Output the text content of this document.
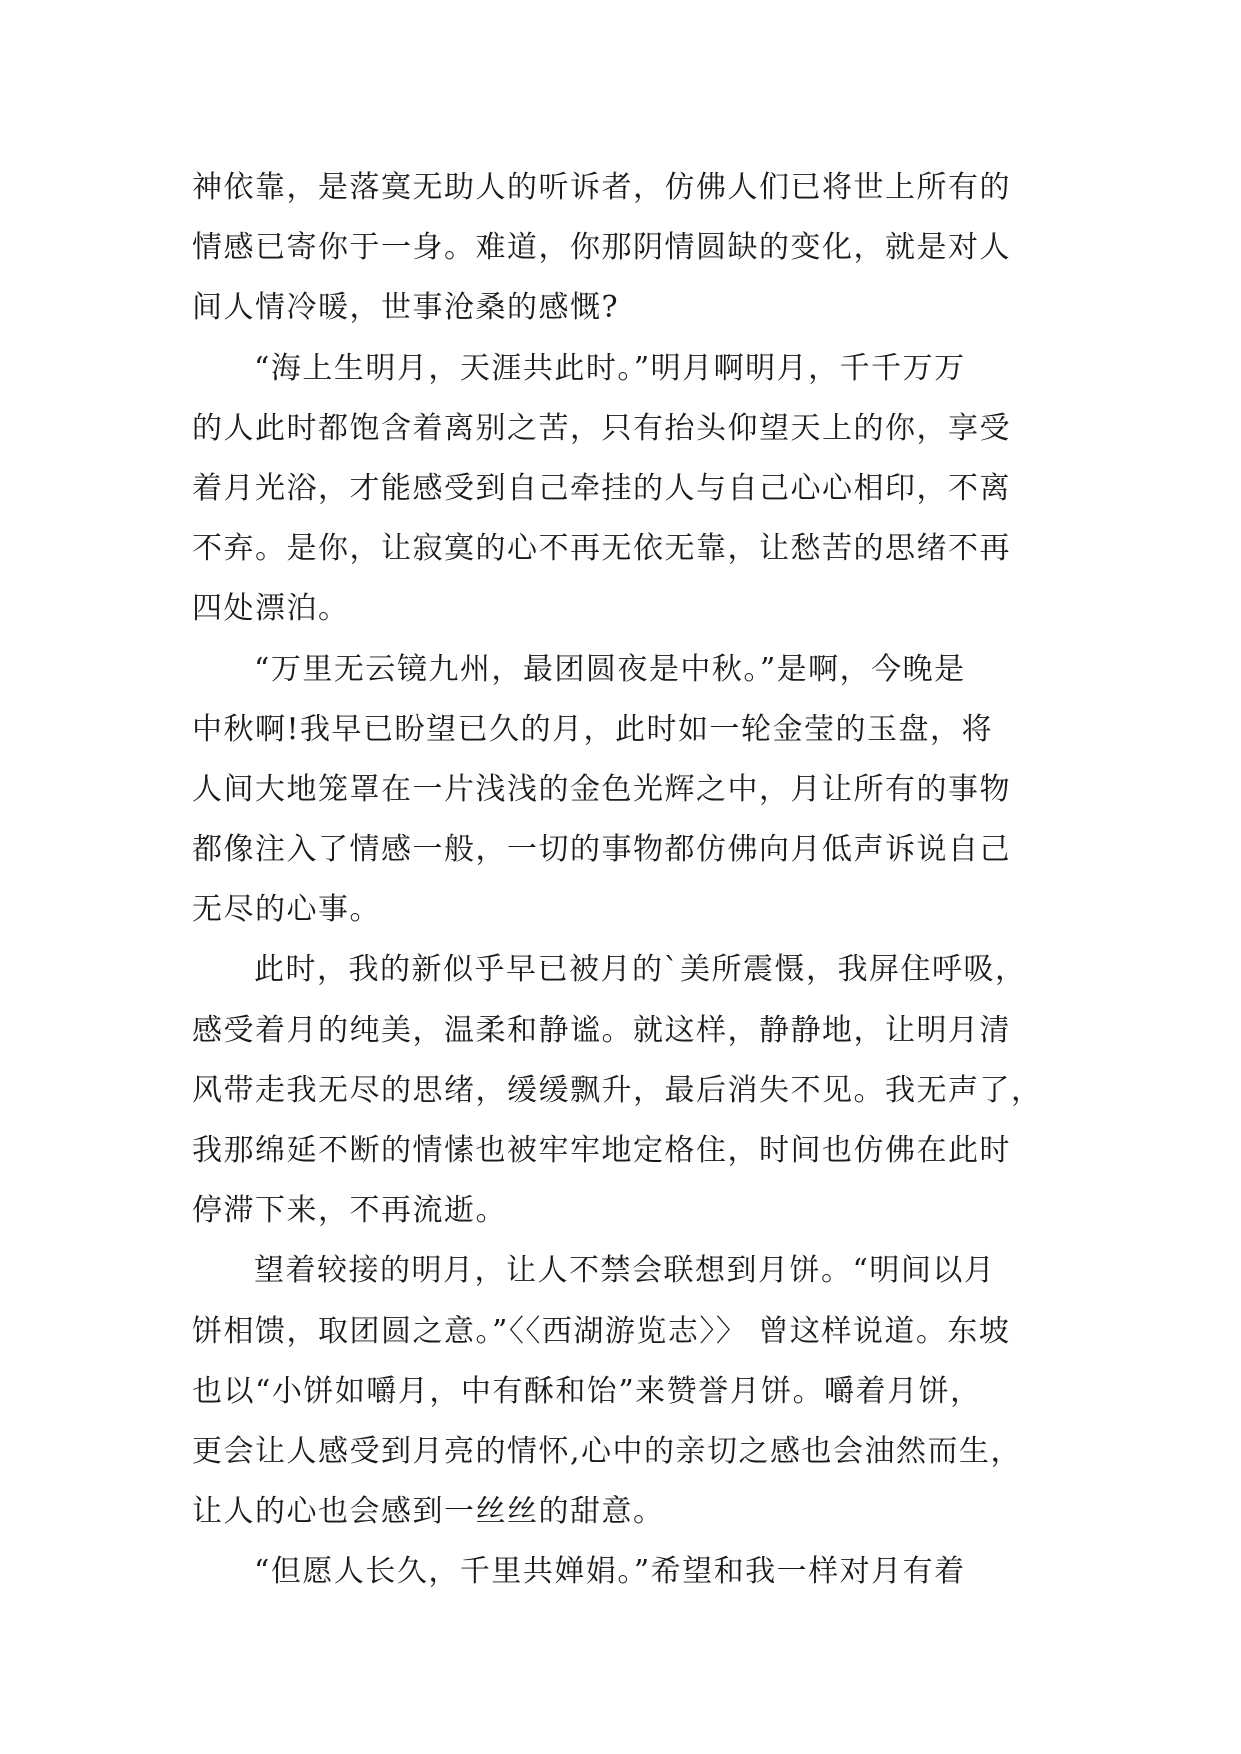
神依靠，是落寞无助人的听诉者，仿佛人们已将世上所有的
情感已寄你于一身。难道，你那阴情圆缺的变化，就是对人
间人情冷暖，世事沧桑的感慨?
“海上生明月，天涯共此时。”明月啊明月，千千万万
的人此时都饱含着离别之苦，只有抬头仰望天上的你，享受
着月光浴，才能感受到自己牵挂的人与自己心心相印，不离
不弃。是你，让寂寞的心不再无依无靠，让愁苦的思绪不再
四处漂泊。
“万里无云镜九州，最团圆夜是中秋。”是啊，今晚是
中秋啊!我早已盼望已久的月，此时如一轮金莹的玉盘，将
人间大地笼罩在一片浅浅的金色光辉之中，月让所有的事物
都像注入了情感一般，一切的事物都仿佛向月低声诉说自己
无尽的心事。
此时，我的新似乎早已被月的`美所震慑，我屏住呼吸，
感受着月的纯美，温柔和静谧。就这样，静静地，让明月清
风带走我无尽的思绪，缓缓飘升，最后消失不见。我无声了，
我那绵延不断的情愫也被牢牢地定格住，时间也仿佛在此时
停滞下来，不再流逝。
望着较接的明月，让人不禁会联想到月饼。“明间以月
饼相馈，取团圆之意。”〈〈西湖游览志〉〉 曾这样说道。东坡
也以“小饼如嚼月，中有酥和饴”来赞誉月饼。嚼着月饼，
更会让人感受到月亮的情怀,心中的亲切之感也会油然而生，
让人的心也会感到一丝丝的甜意。
“但愿人长久，千里共婵娟。”希望和我一样对月有着
